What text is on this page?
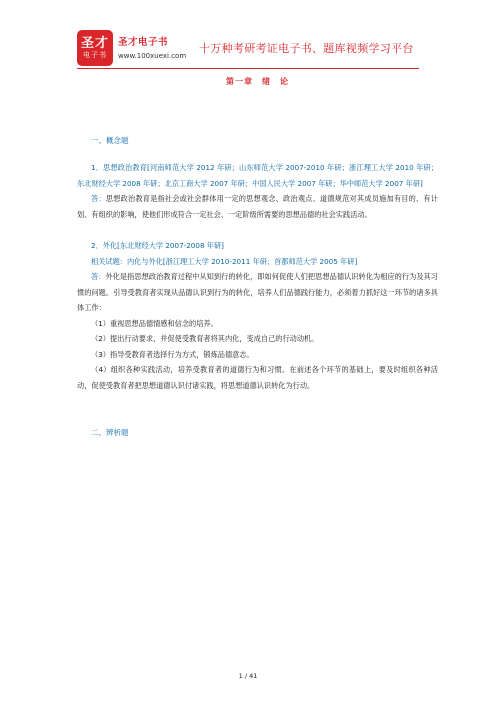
圣才
电子书
圣才电子书
www.100xuexi.com
十万种考研考证电子书、题库视频学习平台
第一章　绪　论
一、概念题

1．思想政治教育[河南师范大学 2012 年研；山东师范大学 2007-2010 年研；浙江理工大学 2010 年研；东北财经大学 2008 年研；北京工商大学 2007 年研；中国人民大学 2007 年研；华中师范大学 2007 年研]

答：思想政治教育是指社会或社会群体用一定的思想观念、政治观点、道德规范对其成员施加有目的、有计划、有组织的影响，使他们形成符合一定社会、一定阶级所需要的思想品德的社会实践活动。

2．外化[东北财经大学 2007-2008 年研]

相关试题：内化与外化[浙江理工大学 2010-2011 年研；首都师范大学 2005 年研]

答：外化是指思想政治教育过程中从知到行的转化，即如何促使人们把思想品德认识转化为相应的行为及其习惯的问题。引导受教育者实现从品德认识到行为的转化，培养人们品德践行能力，必须着力抓好这一环节的诸多具体工作：

（1）重视思想品德情感和信念的培养。

（2）提出行动要求，并促使受教育者将其内化，变成自己的行动动机。

（3）指导受教育者选择行为方式，锻炼品德意志。

（4）组织各种实践活动，培养受教育者的道德行为和习惯。在前述各个环节的基础上，要及时组织各种活动，促使受教育者把思想道德认识付诸实践，将思想道德认识转化为行动。

二、辨析题
1 / 41
